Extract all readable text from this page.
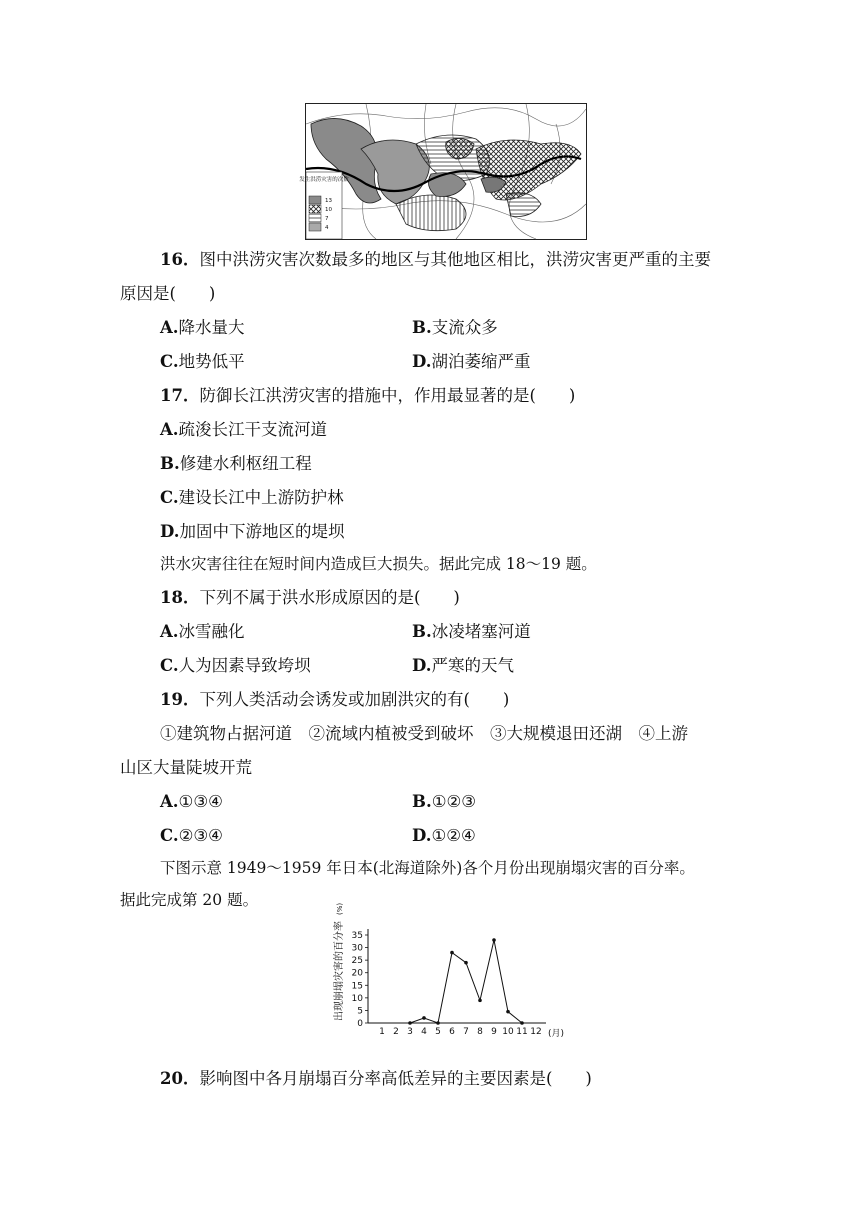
发生洪涝灾害的次数
13
10
7
4
16．图中洪涝灾害次数最多的地区与其他地区相比，洪涝灾害更严重的主要
原因是(　　)
A.降水量大	B.支流众多
C.地势低平	D.湖泊萎缩严重
17．防御长江洪涝灾害的措施中，作用最显著的是(　　)
A.疏浚长江干支流河道
B.修建水利枢纽工程
C.建设长江中上游防护林
D.加固中下游地区的堤坝
洪水灾害往往在短时间内造成巨大损失。据此完成 18～19 题。
18．下列不属于洪水形成原因的是(　　)
A.冰雪融化	B.冰凌堵塞河道
C.人为因素导致垮坝	D.严寒的天气
19．下列人类活动会诱发或加剧洪灾的有(　　)
①建筑物占据河道　②流域内植被受到破坏　③大规模退田还湖　④上游
山区大量陡坡开荒
A.①③④	B.①②③
C.②③④	D.①②④
下图示意 1949～1959 年日本(北海道除外)各个月份出现崩塌灾害的百分率。
据此完成第 20 题。
0
5
10
15
20
25
30
35
1 2 3 4 5 6 7 8 9 10 11 12
出现崩塌灾害的百分率
(%)
(月)
20．影响图中各月崩塌百分率高低差异的主要因素是(　　)
